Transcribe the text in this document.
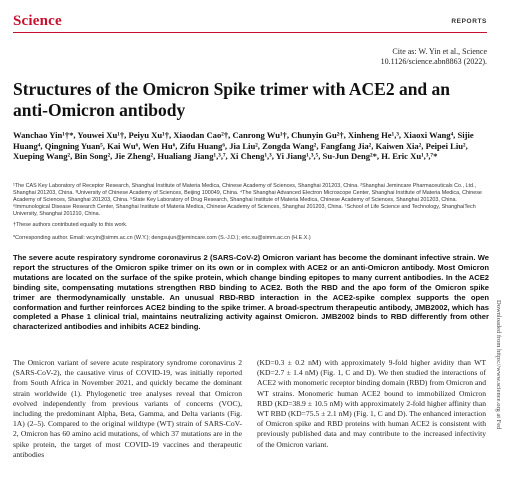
Science	REPORTS
Cite as: W. Yin et al., Science
10.1126/science.abn8863 (2022).
Structures of the Omicron Spike trimer with ACE2 and an anti-Omicron antibody
Wanchao Yin¹†*, Youwei Xu¹†, Peiyu Xu¹†, Xiaodan Cao²†, Canrong Wu¹†, Chunyin Gu²†, Xinheng He¹,³, Xiaoxi Wang⁴, Sijie Huang⁴, Qingning Yuan⁵, Kai Wu⁶, Wen Hu⁶, Zifu Huang⁶, Jia Liu², Zongda Wang², Fangfang Jia², Kaiwen Xia², Peipei Liu², Xueping Wang², Bin Song², Jie Zheng², Hualiang Jiang¹,³,⁷, Xi Cheng¹,³, Yi Jiang¹,³,⁵, Su-Jun Deng²*, H. Eric Xu¹,³,⁷*
¹The CAS Key Laboratory of Receptor Research, Shanghai Institute of Materia Medica, Chinese Academy of Sciences, Shanghai 201203, China. ²Shanghai Jemincare Pharmaceuticals Co., Ltd., Shanghai 201203, China. ³University of Chinese Academy of Sciences, Beijing 100049, China. ⁴The Shanghai Advanced Electron Microscope Center, Shanghai Institute of Materia Medica, Chinese Academy of Sciences, Shanghai 201203, China. ⁵State Key Laboratory of Drug Research, Shanghai Institute of Materia Medica, Chinese Academy of Sciences, Shanghai 201203, China. ⁶Immunological Disease Research Center, Shanghai Institute of Materia Medica, Chinese Academy of Sciences, Shanghai 201203, China. ⁷School of Life Science and Technology, ShanghaiTech University, Shanghai 201210, China.
†These authors contributed equally to this work.
*Corresponding author. Email: wcyin@simm.ac.cn (W.Y.); dengsujun@jemincare.com (S.-J.D.); eric.xu@simm.ac.cn (H.E.X.)
The severe acute respiratory syndrome coronavirus 2 (SARS-CoV-2) Omicron variant has become the dominant infective strain. We report the structures of the Omicron spike trimer on its own or in complex with ACE2 or an anti-Omicron antibody. Most Omicron mutations are located on the surface of the spike protein, which change binding epitopes to many current antibodies. In the ACE2 binding site, compensating mutations strengthen RBD binding to ACE2. Both the RBD and the apo form of the Omicron spike trimer are thermodynamically unstable. An unusual RBD-RBD interaction in the ACE2-spike complex supports the open conformation and further reinforces ACE2 binding to the spike trimer. A broad-spectrum therapeutic antibody, JMB2002, which has completed a Phase 1 clinical trial, maintains neutralizing activity against Omicron. JMB2002 binds to RBD differently from other characterized antibodies and inhibits ACE2 binding.
The Omicron variant of severe acute respiratory syndrome coronavirus 2 (SARS-CoV-2), the causative virus of COVID-19, was initially reported from South Africa in November 2021, and quickly became the dominant strain worldwide (1). Phylogenetic tree analyses reveal that Omicron evolved independently from previous variants of concerns (VOC), including the predominant Alpha, Beta, Gamma, and Delta variants (Fig. 1A) (2–5). Compared to the original wildtype (WT) strain of SARS-CoV-2, Omicron has 60 amino acid mutations, of which 37 mutations are in the spike protein, the target of most COVID-19 vaccines and therapeutic antibodies
(KD=0.3 ± 0.2 nM) with approximately 9-fold higher avidity than WT (KD=2.7 ± 1.4 nM) (Fig. 1, C and D). We then studied the interactions of ACE2 with monomeric receptor binding domain (RBD) from Omicron and WT strains. Monomeric human ACE2 bound to immobilized Omicron RBD (KD=38.9 ± 10.5 nM) with approximately 2-fold higher affinity than WT RBD (KD=75.5 ± 2.1 nM) (Fig. 1, C and D). The enhanced interaction of Omicron spike and RBD proteins with human ACE2 is consistent with previously published data and may contribute to the increased infectivity of the Omicron variant.
Downloaded from https://www.science.org at Fed
